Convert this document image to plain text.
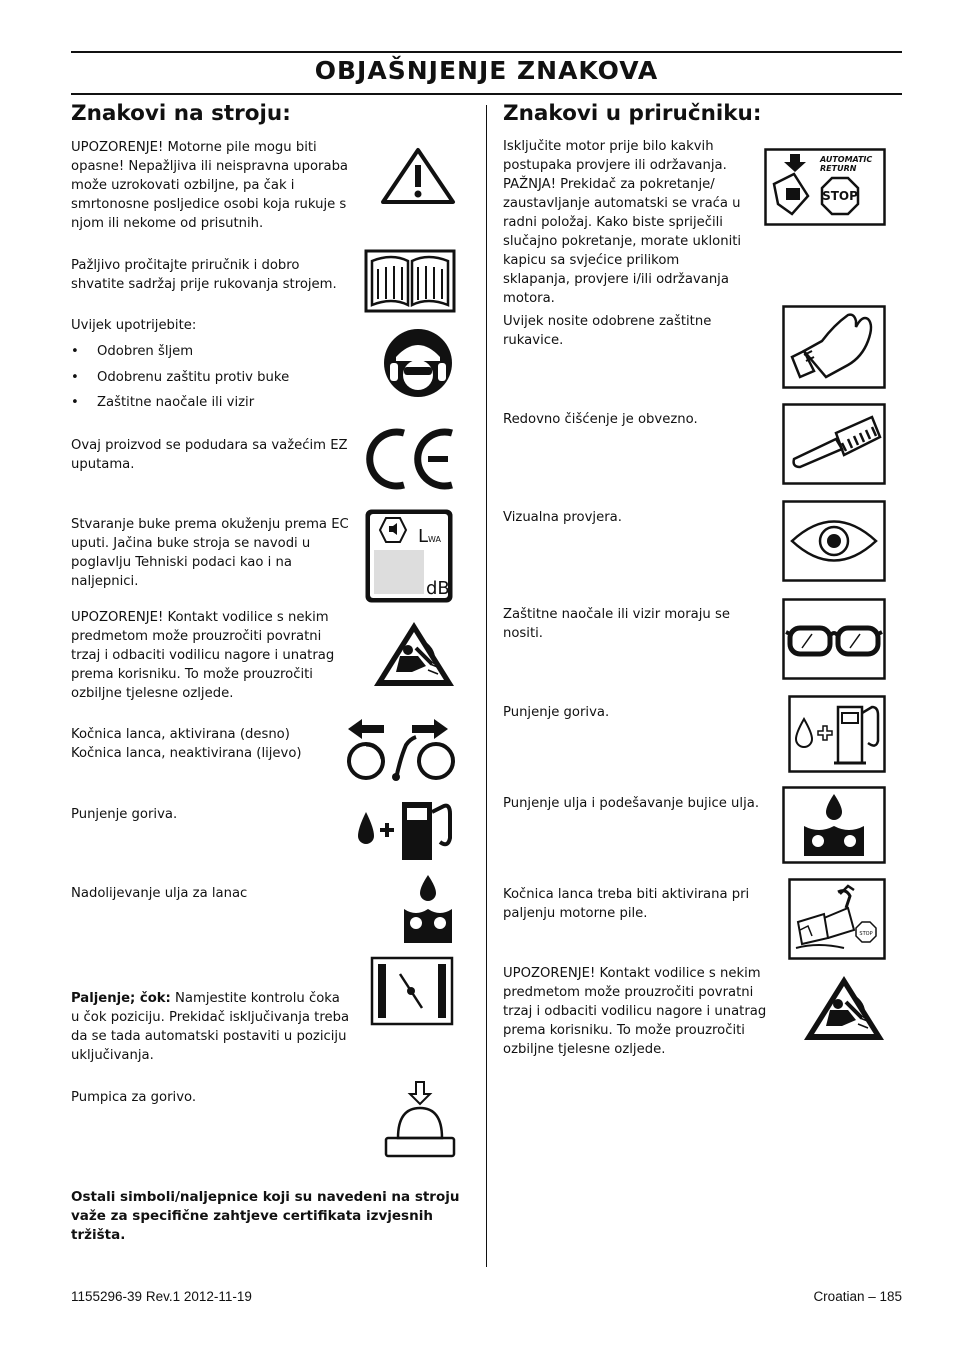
OBJAŠNJENJE ZNAKOVA
Znakovi na stroju:
UPOZORENJE! Motorne pile mogu biti opasne! Nepažljiva ili neispravna uporaba može uzrokovati ozbiljne, pa čak i smrtonosne posljedice osobi koja rukuje s njom ili nekome od prisutnih.
Pažljivo pročitajte priručnik i dobro shvatite sadržaj prije rukovanja strojem.
Uvijek upotrijebite:
• Odobren šljem
• Odobrenu zaštitu protiv buke
• Zaštitne naočale ili vizir
Ovaj proizvod se podudara sa važećim EZ uputama.
Stvaranje buke prema okuženju prema EC uputi. Jačina buke stroja se navodi u poglavlju Tehniski podaci kao i na naljepnici.
L WA
dB
UPOZORENJE! Kontakt vodilice s nekim predmetom može prouzročiti povratni trzaj i odbaciti vodilicu nagore i unatrag prema korisniku. To može prouzročiti ozbiljne tjelesne ozljede.
Kočnica lanca, aktivirana (desno) Kočnica lanca, neaktivirana (lijevo)
Punjenje goriva.
Nadolijevanje ulja za lanac
Paljenje; čok: Namjestite kontrolu čoka u čok poziciju. Prekidač isključivanja treba da se tada automatski postaviti u poziciju uključivanja.
Pumpica za gorivo.
Ostali simboli/naljepnice koji su navedeni na stroju važe za specifične zahtjeve certifikata izvjesnih tržišta.
Znakovi u priručniku:
Isključite motor prije bilo kakvih postupaka provjere ili održavanja. PAŽNJA! Prekidač za pokretanje/ zaustavljanje automatski se vraća u radni položaj. Kako biste spriječili slučajno pokretanje, morate ukloniti kapicu sa svjećice prilikom sklapanja, provjere i/ili održavanja motora.
AUTOMATIC
RETURN
STOP
Uvijek nosite odobrene zaštitne rukavice.
Redovno čišćenje je obvezno.
Vizualna provjera.
Zaštitne naočale ili vizir moraju se nositi.
Punjenje goriva.
Punjenje ulja i podešavanje bujice ulja.
Kočnica lanca treba biti aktivirana pri paljenju motorne pile.
STOP
UPOZORENJE! Kontakt vodilice s nekim predmetom može prouzročiti povratni trzaj i odbaciti vodilicu nagore i unatrag prema korisniku. To može prouzročiti ozbiljne tjelesne ozljede.
1155296-39 Rev.1 2012-11-19	Croatian – 185
